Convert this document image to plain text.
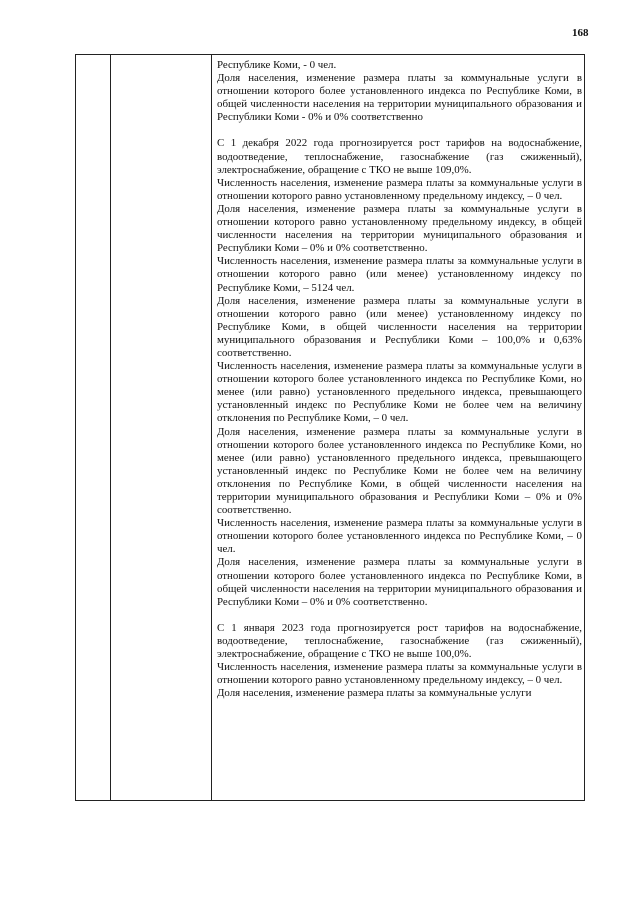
168

Республике Коми, - 0 чел.

Доля населения, изменение размера платы за коммунальные услуги в отношении которого более установленного индекса по Республике Коми, в общей численности населения на территории муниципального образования и Республики Коми - 0% и 0% соответственно

С 1 декабря 2022 года прогнозируется рост тарифов на водоснабжение, водоотведение, теплоснабжение, газоснабжение (газ сжиженный), электроснабжение, обращение с ТКО не выше 109,0%.

Численность населения, изменение размера платы за коммунальные услуги в отношении которого равно установленному предельному индексу, – 0 чел.

Доля населения, изменение размера платы за коммунальные услуги в отношении которого равно установленному предельному индексу, в общей численности населения на территории муниципального образования и Республики Коми – 0% и 0% соответственно.

Численность населения, изменение размера платы за коммунальные услуги в отношении которого равно (или менее) установленному индексу по Республике Коми, – 5124 чел.

Доля населения, изменение размера платы за коммунальные услуги в отношении которого равно (или менее) установленному индексу по Республике Коми, в общей численности населения на территории муниципального образования и Республики Коми – 100,0% и 0,63% соответственно.

Численность населения, изменение размера платы за коммунальные услуги в отношении которого более установленного индекса по Республике Коми, но менее (или равно) установленного предельного индекса, превышающего установленный индекс по Республике Коми не более чем на величину отклонения по Республике Коми, – 0 чел.

Доля населения, изменение размера платы за коммунальные услуги в отношении которого более установленного индекса по Республике Коми, но менее (или равно) установленного предельного индекса, превышающего установленный индекс по Республике Коми не более чем на величину отклонения по Республике Коми, в общей численности населения на территории муниципального образования и Республики Коми – 0% и 0% соответственно.

Численность населения, изменение размера платы за коммунальные услуги в отношении которого более установленного индекса по Республике Коми, – 0 чел.

Доля населения, изменение размера платы за коммунальные услуги в отношении которого более установленного индекса по Республике Коми, в общей численности населения на территории муниципального образования и Республики Коми – 0% и 0% соответственно.

С 1 января 2023 года прогнозируется рост тарифов на водоснабжение, водоотведение, теплоснабжение, газоснабжение (газ сжиженный), электроснабжение, обращение с ТКО не выше 100,0%.

Численность населения, изменение размера платы за коммунальные услуги в отношении которого равно установленному предельному индексу, – 0 чел.

Доля населения, изменение размера платы за коммунальные услуги
